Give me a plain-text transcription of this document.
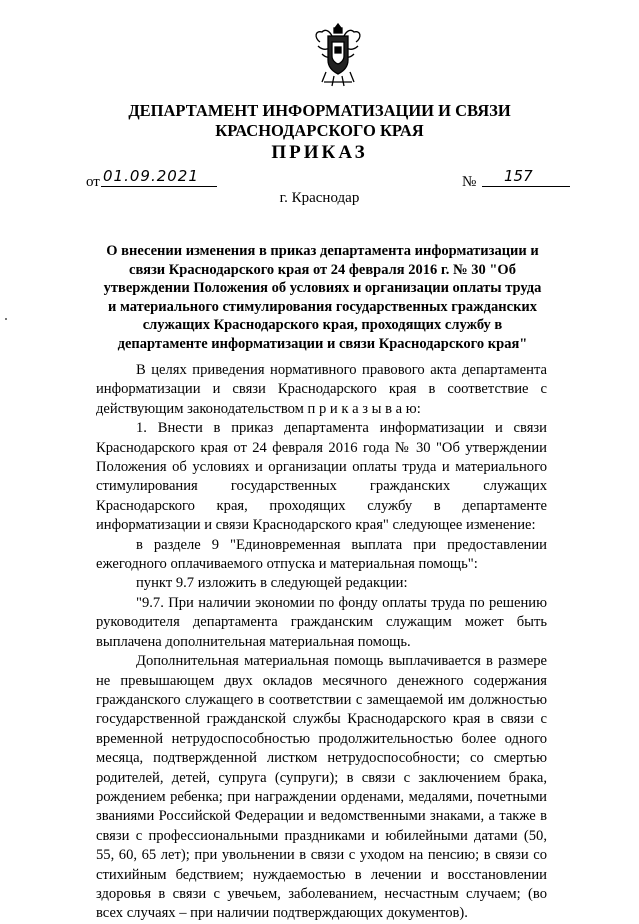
ДЕПАРТАМЕНТ ИНФОРМАТИЗАЦИИ И СВЯЗИ
КРАСНОДАРСКОГО КРАЯ
ПРИКАЗ
от 01.09.2021	№	157
г. Краснодар
О внесении изменения в приказ департамента информатизации и связи Краснодарского края от 24 февраля 2016 г. № 30 "Об утверждении Положения об условиях и организации оплаты труда и материального стимулирования государственных гражданских служащих Краснодарского края, проходящих службу в департаменте информатизации и связи Краснодарского края"

В целях приведения нормативного правового акта департамента информатизации и связи Краснодарского края в соответствие с действующим законодательством п р и к а з ы в а ю:

1. Внести в приказ департамента информатизации и связи Краснодарского края от 24 февраля 2016 года № 30 "Об утверждении Положения об условиях и организации оплаты труда и материального стимулирования государственных гражданских служащих Краснодарского края, проходящих службу в департаменте информатизации и связи Краснодарского края" следующее изменение:

в разделе 9 "Единовременная выплата при предоставлении ежегодного оплачиваемого отпуска и материальная помощь":

пункт 9.7 изложить в следующей редакции:

"9.7. При наличии экономии по фонду оплаты труда по решению руководителя департамента гражданским служащим может быть выплачена дополнительная материальная помощь.

Дополнительная материальная помощь выплачивается в размере не превышающем двух окладов месячного денежного содержания гражданского служащего в соответствии с замещаемой им должностью государственной гражданской службы Краснодарского края в связи с временной нетрудоспособностью продолжительностью более одного месяца, подтвержденной листком нетрудоспособности; со смертью родителей, детей, супруга (супруги); в связи с заключением брака, рождением ребенка; при награждении орденами, медалями, почетными званиями Российской Федерации и ведомственными знаками, а также в связи с профессиональными праздниками и юбилейными датами (50, 55, 60, 65 лет); при увольнении в связи с уходом на пенсию; в связи со стихийным бедствием; нуждаемостью в лечении и восстановлении здоровья в связи с увечьем, заболеванием, несчастным случаем; (во всех случаях – при наличии подтверждающих документов).
